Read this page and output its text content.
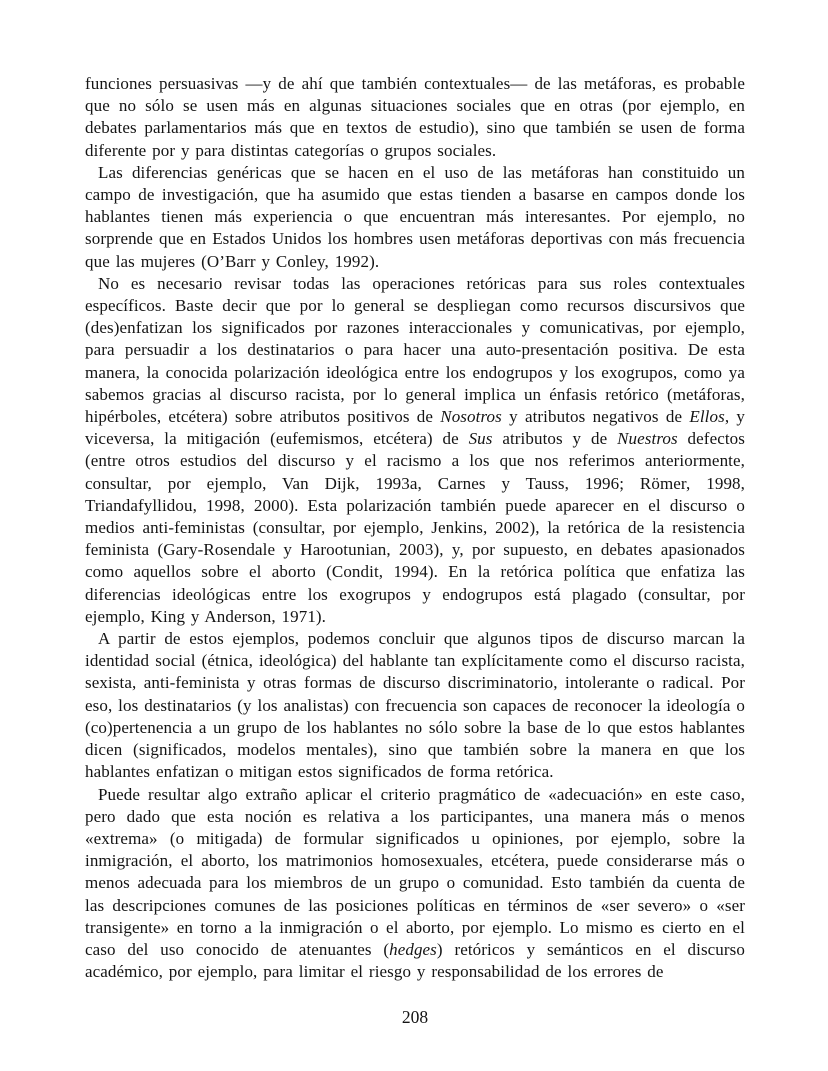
funciones persuasivas —y de ahí que también contextuales— de las metáforas, es probable que no sólo se usen más en algunas situaciones sociales que en otras (por ejemplo, en debates parlamentarios más que en textos de estudio), sino que también se usen de forma diferente por y para distintas categorías o grupos sociales.

Las diferencias genéricas que se hacen en el uso de las metáforas han constituido un campo de investigación, que ha asumido que estas tienden a basarse en campos donde los hablantes tienen más experiencia o que encuentran más interesantes. Por ejemplo, no sorprende que en Estados Unidos los hombres usen metáforas deportivas con más frecuencia que las mujeres (O’Barr y Conley, 1992).

No es necesario revisar todas las operaciones retóricas para sus roles contextuales específicos. Baste decir que por lo general se despliegan como recursos discursivos que (des)enfatizan los significados por razones interaccionales y comunicativas, por ejemplo, para persuadir a los destinatarios o para hacer una auto-presentación positiva. De esta manera, la conocida polarización ideológica entre los endogrupos y los exogrupos, como ya sabemos gracias al discurso racista, por lo general implica un énfasis retórico (metáforas, hipérboles, etcétera) sobre atributos positivos de Nosotros y atributos negativos de Ellos, y viceversa, la mitigación (eufemismos, etcétera) de Sus atributos y de Nuestros defectos (entre otros estudios del discurso y el racismo a los que nos referimos anteriormente, consultar, por ejemplo, Van Dijk, 1993a, Carnes y Tauss, 1996; Römer, 1998, Triandafyllidou, 1998, 2000). Esta polarización también puede aparecer en el discurso o medios anti-feministas (consultar, por ejemplo, Jenkins, 2002), la retórica de la resistencia feminista (Gary-Rosendale y Harootunian, 2003), y, por supuesto, en debates apasionados como aquellos sobre el aborto (Condit, 1994). En la retórica política que enfatiza las diferencias ideológicas entre los exogrupos y endogrupos está plagado (consultar, por ejemplo, King y Anderson, 1971).

A partir de estos ejemplos, podemos concluir que algunos tipos de discurso marcan la identidad social (étnica, ideológica) del hablante tan explícitamente como el discurso racista, sexista, anti-feminista y otras formas de discurso discriminatorio, intolerante o radical. Por eso, los destinatarios (y los analistas) con frecuencia son capaces de reconocer la ideología o (co)pertenencia a un grupo de los hablantes no sólo sobre la base de lo que estos hablantes dicen (significados, modelos mentales), sino que también sobre la manera en que los hablantes enfatizan o mitigan estos significados de forma retórica.

Puede resultar algo extraño aplicar el criterio pragmático de «adecuación» en este caso, pero dado que esta noción es relativa a los participantes, una manera más o menos «extrema» (o mitigada) de formular significados u opiniones, por ejemplo, sobre la inmigración, el aborto, los matrimonios homosexuales, etcétera, puede considerarse más o menos adecuada para los miembros de un grupo o comunidad. Esto también da cuenta de las descripciones comunes de las posiciones políticas en términos de «ser severo» o «ser transigente» en torno a la inmigración o el aborto, por ejemplo. Lo mismo es cierto en el caso del uso conocido de atenuantes (hedges) retóricos y semánticos en el discurso académico, por ejemplo, para limitar el riesgo y responsabilidad de los errores de

208
